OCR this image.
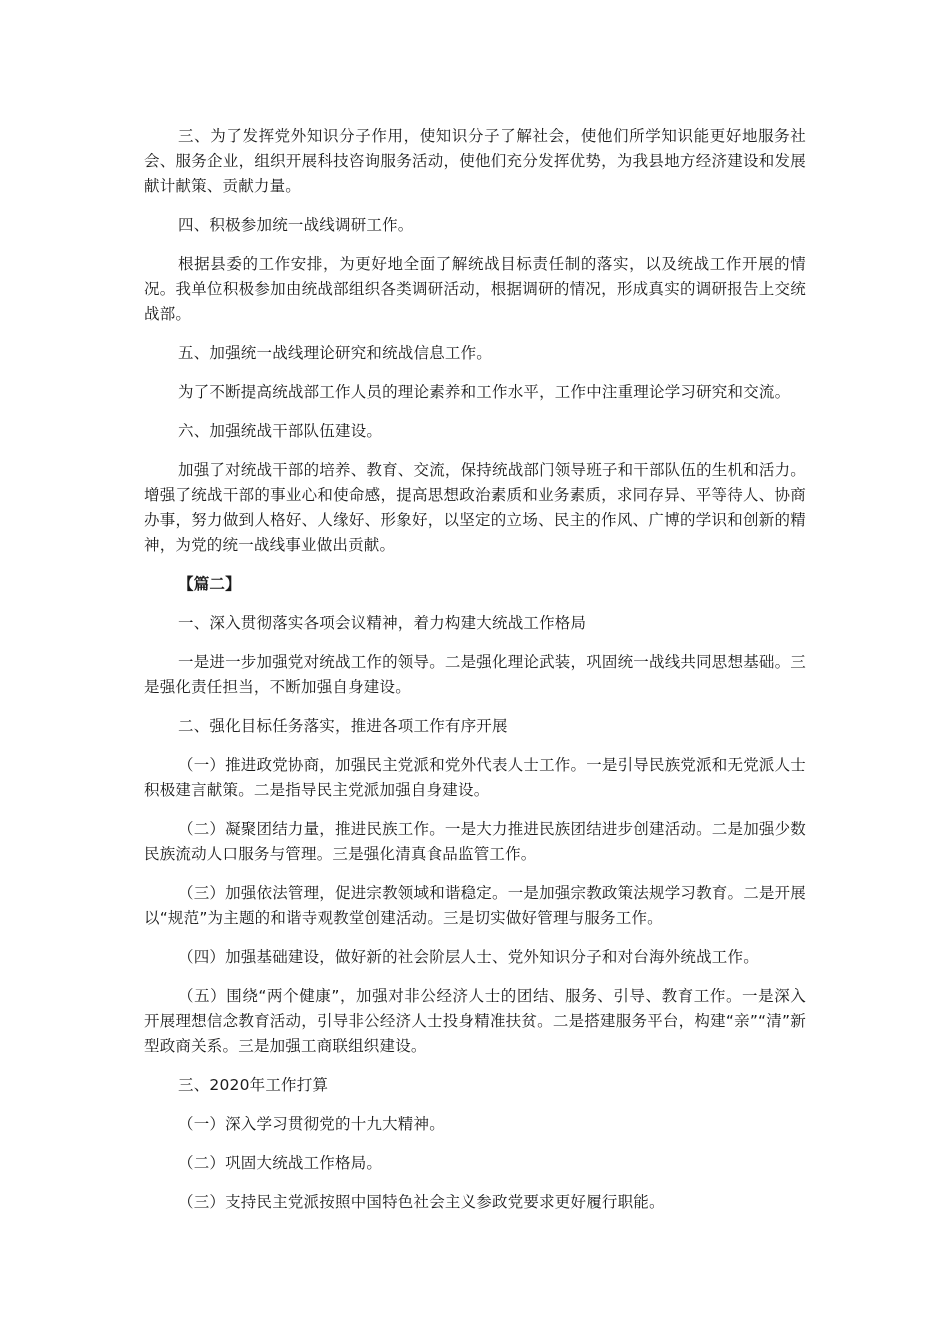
三、为了发挥党外知识分子作用，使知识分子了解社会，使他们所学知识能更好地服务社会、服务企业，组织开展科技咨询服务活动，使他们充分发挥优势，为我县地方经济建设和发展献计献策、贡献力量。

四、积极参加统一战线调研工作。

根据县委的工作安排，为更好地全面了解统战目标责任制的落实，以及统战工作开展的情况。我单位积极参加由统战部组织各类调研活动，根据调研的情况，形成真实的调研报告上交统战部。

五、加强统一战线理论研究和统战信息工作。

为了不断提高统战部工作人员的理论素养和工作水平，工作中注重理论学习研究和交流。

六、加强统战干部队伍建设。

加强了对统战干部的培养、教育、交流，保持统战部门领导班子和干部队伍的生机和活力。增强了统战干部的事业心和使命感，提高思想政治素质和业务素质，求同存异、平等待人、协商办事，努力做到人格好、人缘好、形象好，以坚定的立场、民主的作风、广博的学识和创新的精神，为党的统一战线事业做出贡献。

【篇二】

一、深入贯彻落实各项会议精神，着力构建大统战工作格局

一是进一步加强党对统战工作的领导。二是强化理论武装，巩固统一战线共同思想基础。三是强化责任担当，不断加强自身建设。

二、强化目标任务落实，推进各项工作有序开展

（一）推进政党协商，加强民主党派和党外代表人士工作。一是引导民族党派和无党派人士积极建言献策。二是指导民主党派加强自身建设。

（二）凝聚团结力量，推进民族工作。一是大力推进民族团结进步创建活动。二是加强少数民族流动人口服务与管理。三是强化清真食品监管工作。

（三）加强依法管理，促进宗教领域和谐稳定。一是加强宗教政策法规学习教育。二是开展以“规范”为主题的和谐寺观教堂创建活动。三是切实做好管理与服务工作。

（四）加强基础建设，做好新的社会阶层人士、党外知识分子和对台海外统战工作。

（五）围绕“两个健康”，加强对非公经济人士的团结、服务、引导、教育工作。一是深入开展理想信念教育活动，引导非公经济人士投身精准扶贫。二是搭建服务平台，构建“亲”“清”新型政商关系。三是加强工商联组织建设。

三、2020年工作打算

（一）深入学习贯彻党的十九大精神。

（二）巩固大统战工作格局。

（三）支持民主党派按照中国特色社会主义参政党要求更好履行职能。
